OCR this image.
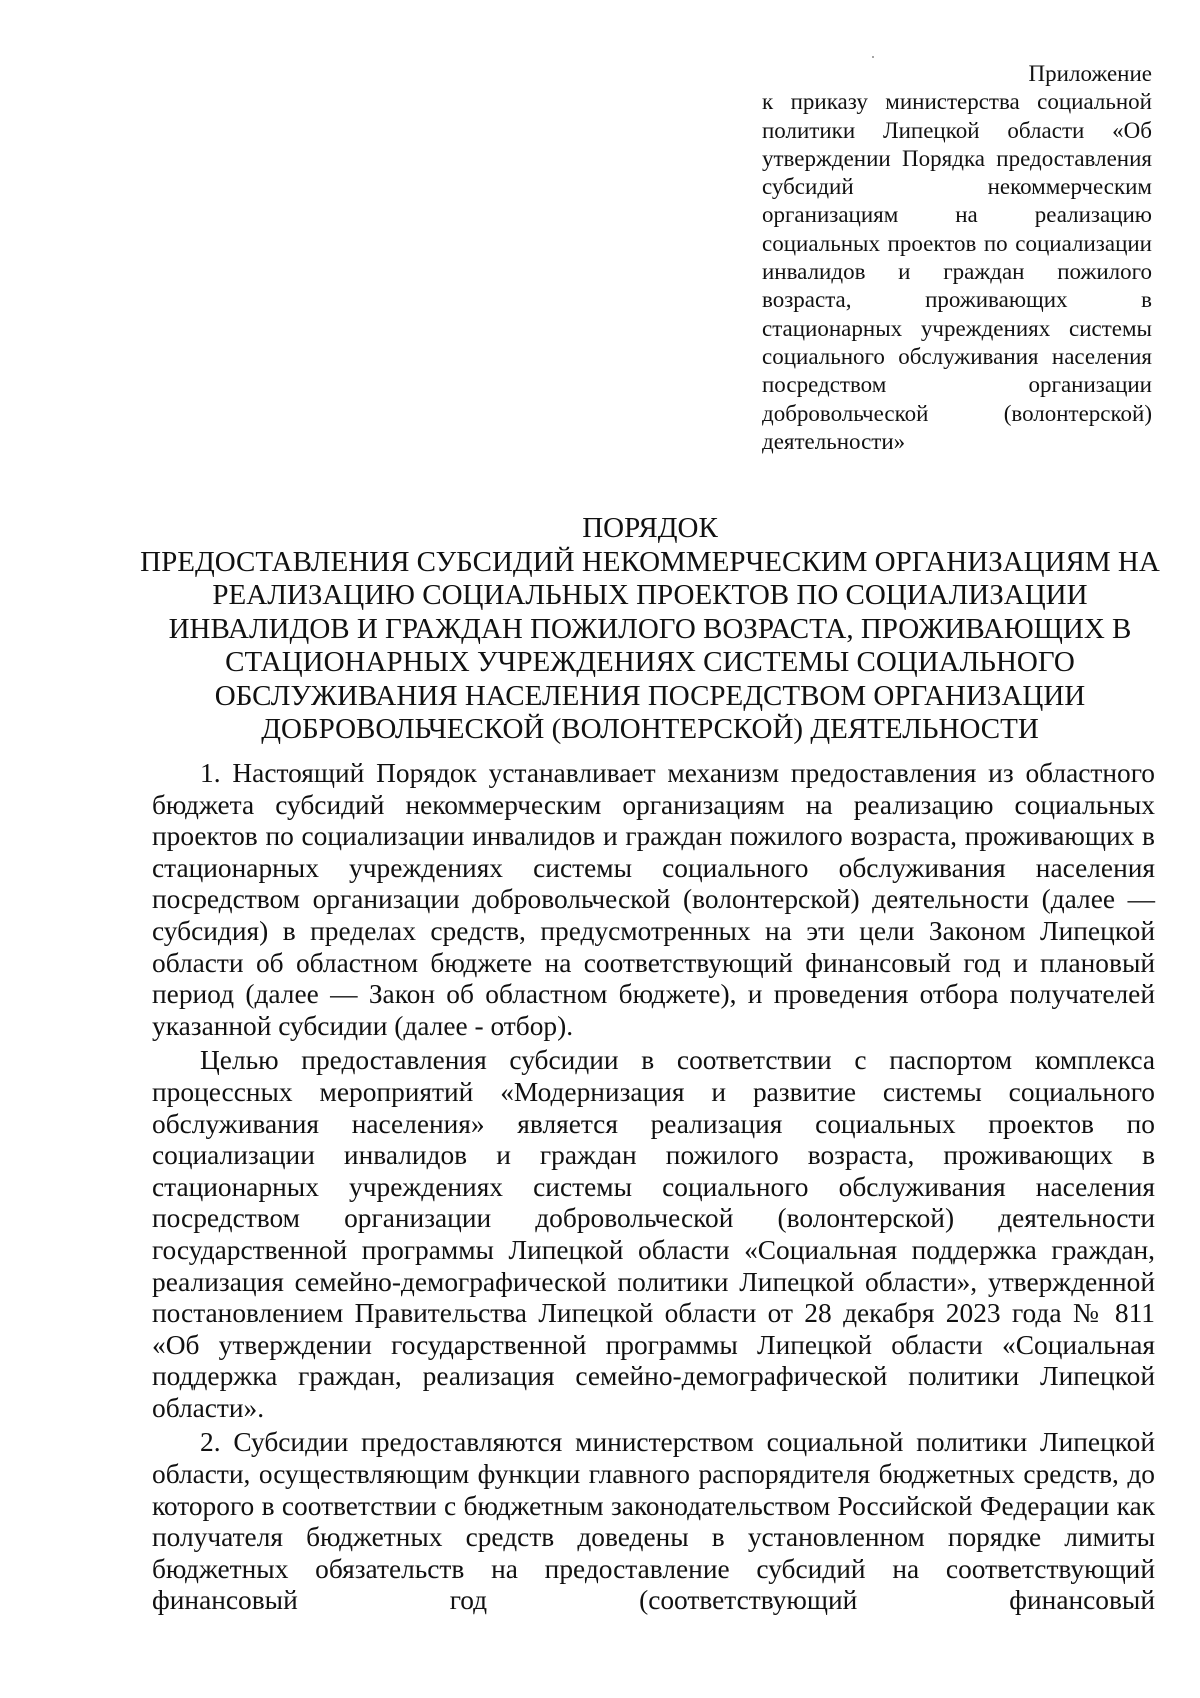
Приложение
к приказу министерства социальной политики Липецкой области «Об утверждении Порядка предоставления субсидий некоммерческим организациям на реализацию социальных проектов по социализации инвалидов и граждан пожилого возраста, проживающих в стационарных учреждениях системы социального обслуживания населения посредством организации добровольческой (волонтерской) деятельности»
ПОРЯДОК
ПРЕДОСТАВЛЕНИЯ СУБСИДИЙ НЕКОММЕРЧЕСКИМ ОРГАНИЗАЦИЯМ НА
РЕАЛИЗАЦИЮ СОЦИАЛЬНЫХ ПРОЕКТОВ ПО СОЦИАЛИЗАЦИИ
ИНВАЛИДОВ И ГРАЖДАН ПОЖИЛОГО ВОЗРАСТА, ПРОЖИВАЮЩИХ В
СТАЦИОНАРНЫХ УЧРЕЖДЕНИЯХ СИСТЕМЫ СОЦИАЛЬНОГО
ОБСЛУЖИВАНИЯ НАСЕЛЕНИЯ ПОСРЕДСТВОМ ОРГАНИЗАЦИИ
ДОБРОВОЛЬЧЕСКОЙ (ВОЛОНТЕРСКОЙ) ДЕЯТЕЛЬНОСТИ

1. Настоящий Порядок устанавливает механизм предоставления из областного бюджета субсидий некоммерческим организациям на реализацию социальных проектов по социализации инвалидов и граждан пожилого возраста, проживающих в стационарных учреждениях системы социального обслуживания населения посредством организации добровольческой (волонтерской) деятельности (далее — субсидия) в пределах средств, предусмотренных на эти цели Законом Липецкой области об областном бюджете на соответствующий финансовый год и плановый период (далее — Закон об областном бюджете), и проведения отбора получателей указанной субсидии (далее - отбор).

Целью предоставления субсидии в соответствии с паспортом комплекса процессных мероприятий «Модернизация и развитие системы социального обслуживания населения» является реализация социальных проектов по социализации инвалидов и граждан пожилого возраста, проживающих в стационарных учреждениях системы социального обслуживания населения посредством организации добровольческой (волонтерской) деятельности государственной программы Липецкой области «Социальная поддержка граждан, реализация семейно-демографической политики Липецкой области», утвержденной постановлением Правительства Липецкой области от 28 декабря 2023 года № 811 «Об утверждении государственной программы Липецкой области «Социальная поддержка граждан, реализация семейно-демографической политики Липецкой области».

2. Субсидии предоставляются министерством социальной политики Липецкой области, осуществляющим функции главного распорядителя бюджетных средств, до которого в соответствии с бюджетным законодательством Российской Федерации как получателя бюджетных средств доведены в установленном порядке лимиты бюджетных обязательств на предоставление субсидий на соответствующий финансовый год (соответствующий финансовый
